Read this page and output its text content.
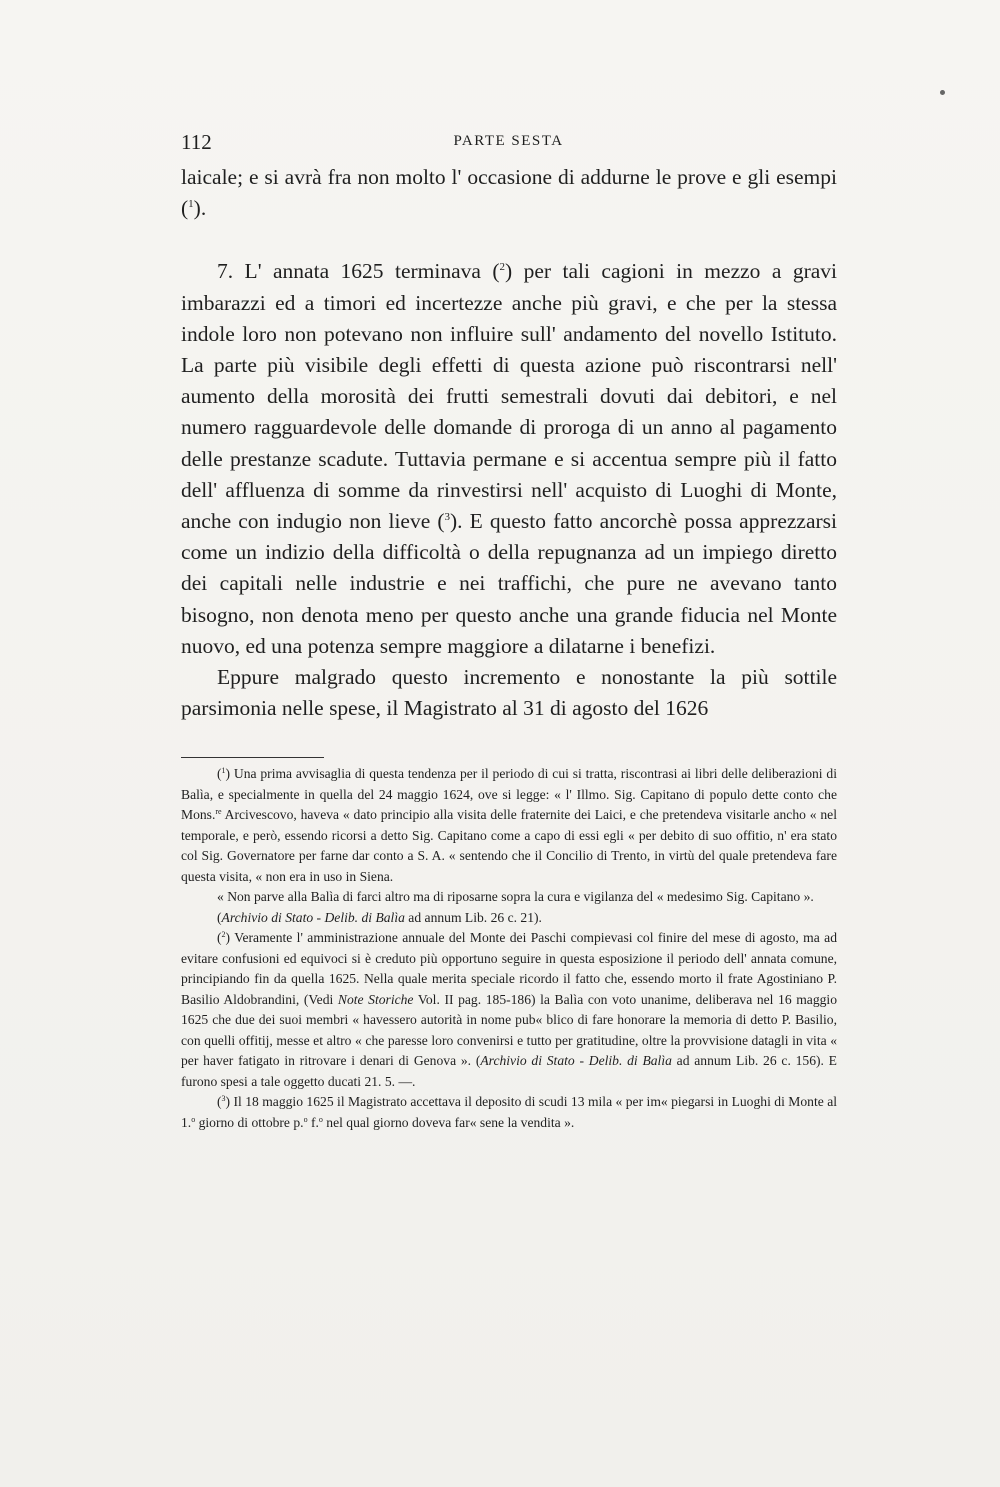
112	PARTE SESTA

laicale; e si avrà fra non molto l' occasione di addurne le prove e gli esempi ($^1$).

7. L' annata 1625 terminava ($^2$) per tali cagioni in mezzo a gravi imbarazzi ed a timori ed incertezze anche più gravi, e che per la stessa indole loro non potevano non influire sull' andamento del novello Istituto. La parte più visibile degli effetti di questa azione può riscontrarsi nell' aumento della morosità dei frutti semestrali dovuti dai debitori, e nel numero ragguardevole delle domande di proroga di un anno al pagamento delle prestanze scadute. Tuttavia permane e si accentua sempre più il fatto dell' affluenza di somme da rinvestirsi nell' acquisto di Luoghi di Monte, anche con indugio non lieve ($^3$). E questo fatto ancorchè possa apprezzarsi come un indizio della difficoltà o della repugnanza ad un impiego diretto dei capitali nelle industrie e nei traffichi, che pure ne avevano tanto bisogno, non denota meno per questo anche una grande fiducia nel Monte nuovo, ed una potenza sempre maggiore a dilatarne i benefizi.

Eppure malgrado questo incremento e nonostante la più sottile parsimonia nelle spese, il Magistrato al 31 di agosto del 1626

($^1$) Una prima avvisaglia di questa tendenza per il periodo di cui si tratta, riscontrasi ai libri delle deliberazioni di Balìa, e specialmente in quella del 24 maggio 1624, ove si legge: « l' Illmo. Sig. Capitano di populo dette conto che Mons.$^{re}$ Arcivescovo, haveva « dato principio alla visita delle fraternite dei Laici, e che pretendeva visitarle ancho « nel temporale, e però, essendo ricorsi a detto Sig. Capitano come a capo di essi egli « per debito di suo offitio, n' era stato col Sig. Governatore per farne dar conto a S. A. « sentendo che il Concilio di Trento, in virtù del quale pretendeva fare questa visita, « non era in uso in Siena.

« Non parve alla Balìa di farci altro ma di riposarne sopra la cura e vigilanza del « medesimo Sig. Capitano ».

(Archivio di Stato - Delib. di Balìa ad annum Lib. 26 c. 21).

($^2$) Veramente l' amministrazione annuale del Monte dei Paschi compievasi col finire del mese di agosto, ma ad evitare confusioni ed equivoci si è creduto più opportuno seguire in questa esposizione il periodo dell' annata comune, principiando fin da quella 1625. Nella quale merita speciale ricordo il fatto che, essendo morto il frate Agostiniano P. Basilio Aldobrandini, (Vedi Note Storiche Vol. II pag. 185-186) la Balìa con voto unanime, deliberava nel 16 maggio 1625 che due dei suoi membri « havessero autorità in nome pub« blico di fare honorare la memoria di detto P. Basilio, con quelli offitij, messe et altro « che paresse loro convenirsi e tutto per gratitudine, oltre la provvisione datagli in vita « per haver fatigato in ritrovare i denari di Genova ». (Archivio di Stato - Delib. di Balìa ad annum Lib. 26 c. 156). E furono spesi a tale oggetto ducati 21. 5. —.

($^3$) Il 18 maggio 1625 il Magistrato accettava il deposito di scudi 13 mila « per im« piegarsi in Luoghi di Monte al 1.$^o$ giorno di ottobre p.$^o$ f.$^o$ nel qual giorno doveva far« sene la vendita ».
